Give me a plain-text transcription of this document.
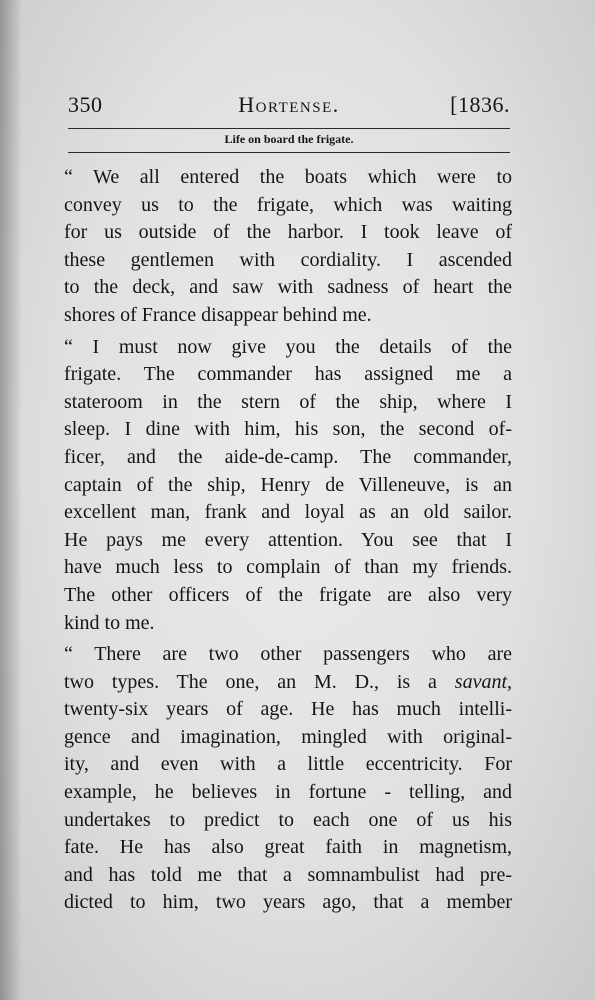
Hortense.
350	[1836.
Life on board the frigate.
“ We all entered the boats which were to
convey us to the frigate, which was waiting
for us outside of the harbor. I took leave of
these gentlemen with cordiality. I ascended
to the deck, and saw with sadness of heart the
shores of France disappear behind me.
“ I must now give you the details of the
frigate. The commander has assigned me a
stateroom in the stern of the ship, where I
sleep. I dine with him, his son, the second of-
ficer, and the aide-de-camp. The commander,
captain of the ship, Henry de Villeneuve, is an
excellent man, frank and loyal as an old sailor.
He pays me every attention. You see that I
have much less to complain of than my friends.
The other officers of the frigate are also very
kind to me.
“ There are two other passengers who are
two types. The one, an M. D., is a savant,
twenty-six years of age. He has much intelli-
gence and imagination, mingled with original-
ity, and even with a little eccentricity. For
example, he believes in fortune - telling, and
undertakes to predict to each one of us his
fate. He has also great faith in magnetism,
and has told me that a somnambulist had pre-
dicted to him, two years ago, that a member
